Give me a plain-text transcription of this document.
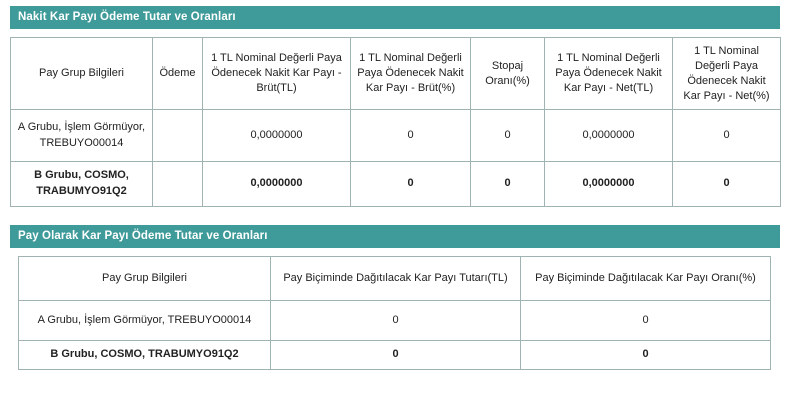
Nakit Kar Payı Ödeme Tutar ve Oranları
Pay Grup Bilgileri	Ödeme	1 TL Nominal Değerli Paya Ödenecek Nakit Kar Payı - Brüt(TL)	1 TL Nominal Değerli Paya Ödenecek Nakit Kar Payı - Brüt(%)	Stopaj Oranı(%)	1 TL Nominal Değerli Paya Ödenecek Nakit Kar Payı - Net(TL)	1 TL Nominal Değerli Paya Ödenecek Nakit Kar Payı - Net(%)
A Grubu, İşlem Görmüyor, TREBUYO00014		0,0000000	0	0	0,0000000	0
B Grubu, COSMO, TRABUMYO91Q2		0,0000000	0	0	0,0000000	0
Pay Olarak Kar Payı Ödeme Tutar ve Oranları
Pay Grup Bilgileri	Pay Biçiminde Dağıtılacak Kar Payı Tutarı(TL)	Pay Biçiminde Dağıtılacak Kar Payı Oranı(%)
A Grubu, İşlem Görmüyor, TREBUYO00014	0	0
B Grubu, COSMO, TRABUMYO91Q2	0	0
